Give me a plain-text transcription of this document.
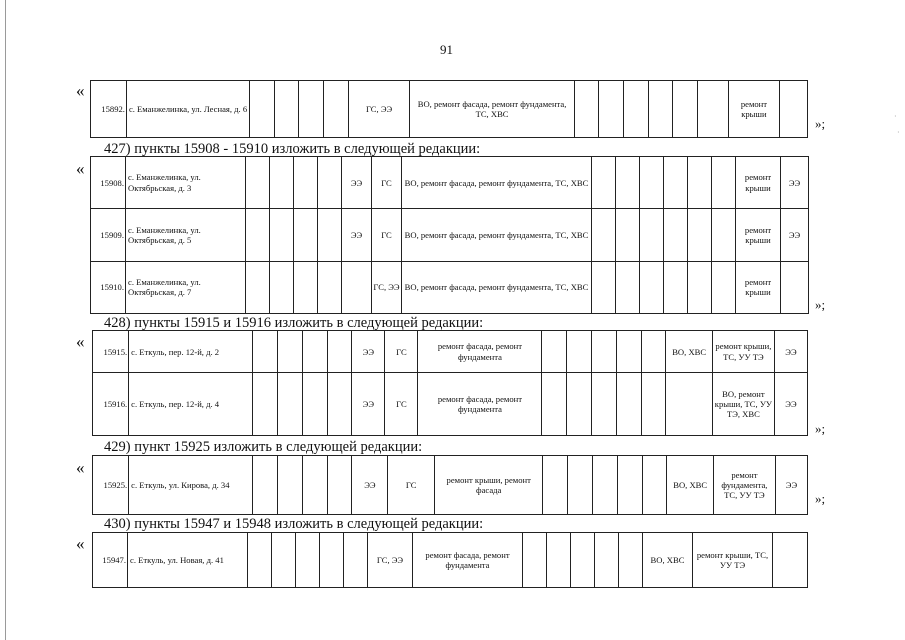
91
·
·
«
15892.	с. Еманжелинка, ул. Лесная, д. 6					ГС, ЭЭ	ВО, ремонт фасада, ремонт фундамента, ТС, ХВС							ремонт крыши	
»;
427) пункты 15908 - 15910 изложить в следующей редакции:
«
15908.	с. Еманжелинка, ул. Октябрьская, д. 3					ЭЭ	ГС	ВО, ремонт фасада, ремонт фундамента, ТС, ХВС							ремонт крыши	ЭЭ
15909.	с. Еманжелинка, ул. Октябрьская, д. 5					ЭЭ	ГС	ВО, ремонт фасада, ремонт фундамента, ТС, ХВС							ремонт крыши	ЭЭ
15910.	с. Еманжелинка, ул. Октябрьская, д. 7						ГС, ЭЭ	ВО, ремонт фасада, ремонт фундамента, ТС, ХВС							ремонт крыши	
»;
428) пункты 15915 и 15916 изложить в следующей редакции:
«
15915.	с. Еткуль, пер. 12-й, д. 2					ЭЭ	ГС	ремонт фасада, ремонт фундамента						ВО, ХВС	ремонт крыши, ТС, УУ ТЭ	ЭЭ
15916.	с. Еткуль, пер. 12-й, д. 4					ЭЭ	ГС	ремонт фасада, ремонт фундамента							ВО, ремонт крыши, ТС, УУ ТЭ, ХВС	ЭЭ
»;
429) пункт 15925 изложить в следующей редакции:
«
15925.	с. Еткуль, ул. Кирова, д. 34					ЭЭ	ГС	ремонт крыши, ремонт фасада						ВО, ХВС	ремонт фундамента, ТС, УУ ТЭ	ЭЭ
»;
430) пункты 15947 и 15948 изложить в следующей редакции:
«
15947.	с. Еткуль, ул. Новая, д. 41						ГС, ЭЭ	ремонт фасада, ремонт фундамента						ВО, ХВС	ремонт крыши, ТС, УУ ТЭ	
